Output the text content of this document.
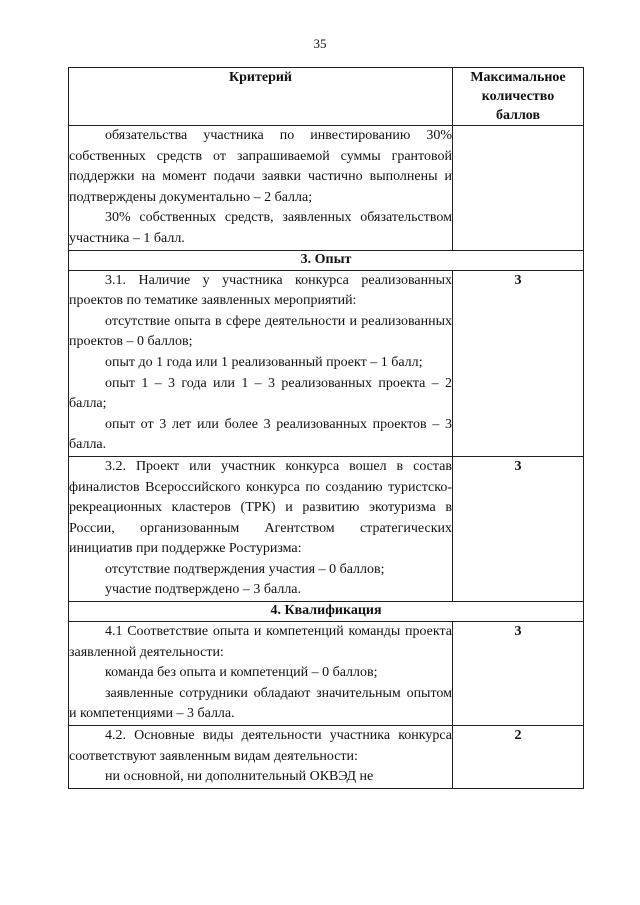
35
Критерий	Максимальное
количество
баллов

обязательства участника по инвестированию 30% собственных средств от запрашиваемой суммы грантовой поддержки на момент подачи заявки частично выполнены и подтверждены документально – 2 балла;

30% собственных средств, заявленных обязательством участника – 1 балл.	

3. Опыт	

3.1. Наличие у участника конкурса реализованных проектов по тематике заявленных мероприятий:

отсутствие опыта в сфере деятельности и реализованных проектов – 0 баллов;

опыт до 1 года или 1 реализованный проект – 1 балл;

опыт 1 – 3 года или 1 – 3 реализованных проекта – 2 балла;

опыт от 3 лет или более 3 реализованных проектов – 3 балла.	3

3.2. Проект или участник конкурса вошел в состав финалистов Всероссийского конкурса по созданию туристско-рекреационных кластеров (ТРК) и развитию экотуризма в России, организованным Агентством стратегических инициатив при поддержке Ростуризма:

отсутствие подтверждения участия – 0 баллов;

участие подтверждено – 3 балла.	3
4. Квалификация	

4.1 Соответствие опыта и компетенций команды проекта заявленной деятельности:

команда без опыта и компетенций – 0 баллов;

заявленные сотрудники обладают значительным опытом и компетенциями – 3 балла.	3

4.2. Основные виды деятельности участника конкурса соответствуют заявленным видам деятельности:

ни основной, ни дополнительный ОКВЭД не	2
